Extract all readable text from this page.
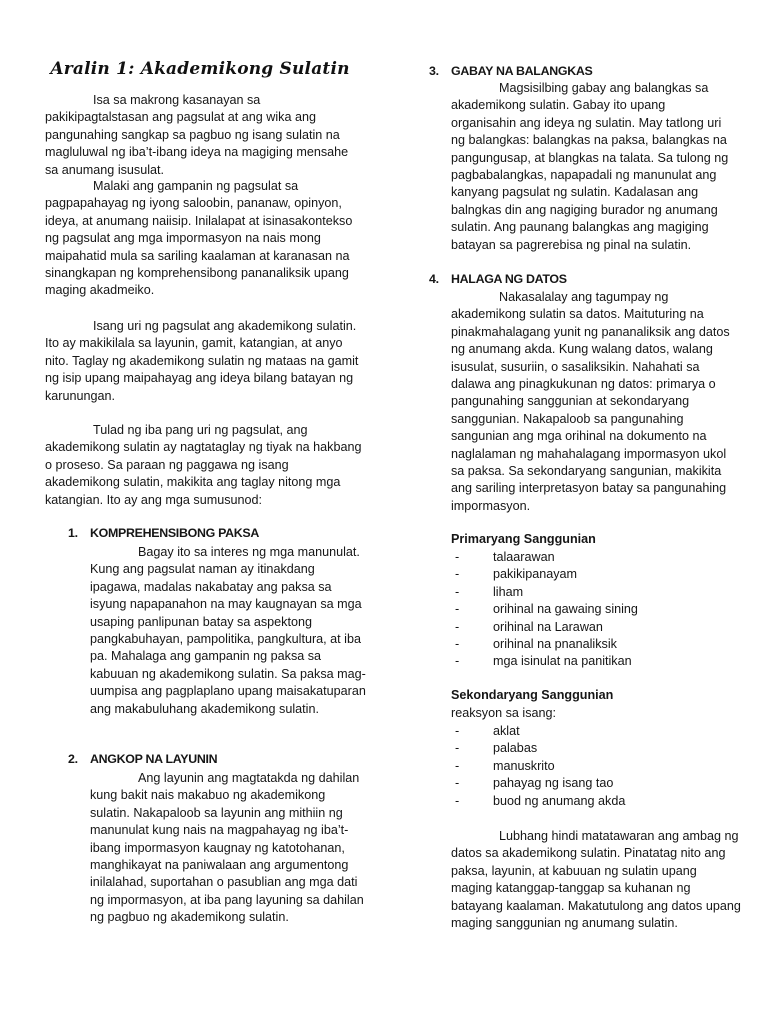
Aralin 1: Akademikong Sulatin

Isa sa makrong kasanayan sa pakikipagtalstasan ang pagsulat at ang wika ang pangunahing sangkap sa pagbuo ng isang sulatin na magluluwal ng iba’t-ibang ideya na magiging mensahe sa anumang isusulat.

Malaki ang gampanin ng pagsulat sa pagpapahayag ng iyong saloobin, pananaw, opinyon, ideya, at anumang naiisip. Inilalapat at isinasakontekso ng pagsulat ang mga impormasyon na nais mong maipahatid mula sa sariling kaalaman at karanasan na sinangkapan ng komprehensibong pananaliksik upang maging akadmeiko.

Isang uri ng pagsulat ang akademikong sulatin. Ito ay makikilala sa layunin, gamit, katangian, at anyo nito. Taglay ng akademikong sulatin ng mataas na gamit ng isip upang maipahayag ang ideya bilang batayan ng karunungan.

Tulad ng iba pang uri ng pagsulat, ang akademikong sulatin ay nagtataglay ng tiyak na hakbang o proseso. Sa paraan ng paggawa ng isang akademikong sulatin, makikita ang taglay nitong mga katangian. Ito ay ang mga sumusunod:

1. KOMPREHENSIBONG PAKSA

Bagay ito sa interes ng mga manunulat. Kung ang pagsulat naman ay itinakdang ipagawa, madalas nakabatay ang paksa sa isyung napapanahon na may kaugnayan sa mga usaping panlipunan batay sa aspektong pangkabuhayan, pampolitika, pangkultura, at iba pa. Mahalaga ang gampanin ng paksa sa kabuuan ng akademikong sulatin. Sa paksa mag-uumpisa ang pagplaplano upang maisakatuparan ang makabuluhang akademikong sulatin.

2. ANGKOP NA LAYUNIN

Ang layunin ang magtatakda ng dahilan kung bakit nais makabuo ng akademikong sulatin. Nakapaloob sa layunin ang mithiin ng manunulat kung nais na magpahayag ng iba’t-ibang impormasyon kaugnay ng katotohanan, manghikayat na paniwalaan ang argumentong inilalahad, suportahan o pasublian ang mga dati ng impormasyon, at iba pang layuning sa dahilan ng pagbuo ng akademikong sulatin.

3. GABAY NA BALANGKAS

Magsisilbing gabay ang balangkas sa akademikong sulatin. Gabay ito upang organisahin ang ideya ng sulatin. May tatlong uri ng balangkas: balangkas na paksa, balangkas na pangungusap, at blangkas na talata. Sa tulong ng pagbabalangkas, napapadali ng manunulat ang kanyang pagsulat ng sulatin. Kadalasan ang balngkas din ang nagiging burador ng anumang sulatin. Ang paunang balangkas ang magiging batayan sa pagrerebisa ng pinal na sulatin.

4. HALAGA NG DATOS

Nakasalalay ang tagumpay ng akademikong sulatin sa datos. Maituturing na pinakmahalagang yunit ng pananaliksik ang datos ng anumang akda. Kung walang datos, walang isusulat, susuriin, o sasaliksikin. Nahahati sa dalawa ang pinagkukunan ng datos: primarya o pangunahing sanggunian at sekondaryang sanggunian. Nakapaloob sa pangunahing sangunian ang mga orihinal na dokumento na naglalaman ng mahahalagang impormasyon ukol sa paksa. Sa sekondaryang sangunian, makikita ang sariling interpretasyon batay sa pangunahing impormasyon.

Primaryang Sanggunian
- talaarawan
- pakikipanayam
- liham
- orihinal na gawaing sining
- orihinal na Larawan
- orihinal na pnanaliksik
- mga isinulat na panitikan
Sekondaryang Sanggunian
reaksyon sa isang:
- aklat
- palabas
- manuskrito
- pahayag ng isang tao
- buod ng anumang akda

Lubhang hindi matatawaran ang ambag ng datos sa akademikong sulatin. Pinatatag nito ang paksa, layunin, at kabuuan ng sulatin upang maging katanggap-tanggap sa kuhanan ng batayang kaalaman. Makatutulong ang datos upang maging sanggunian ng anumang sulatin.
